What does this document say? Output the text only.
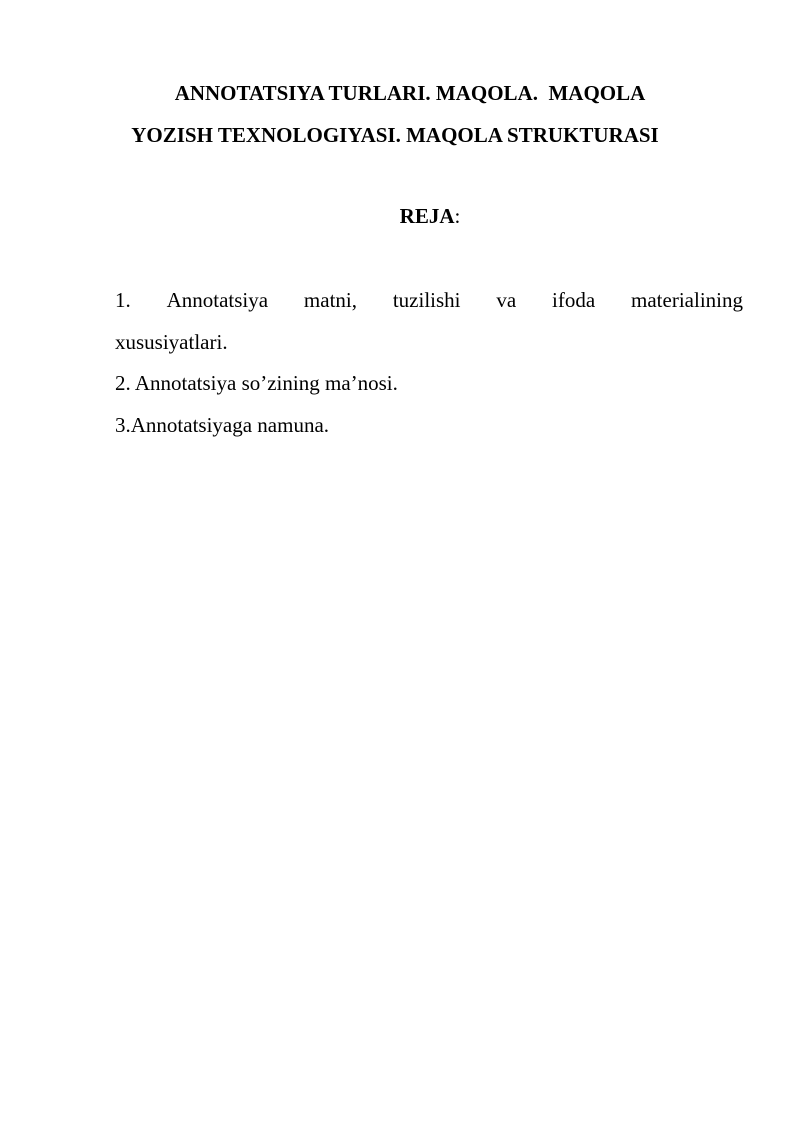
ANNOTATSIYA TURLARI. MAQOLA.  MAQOLA
YOZISH TEXNOLOGIYASI. MAQOLA STRUKTURASI

REJA:

1. Annotatsiya matni, tuzilishi va ifoda materialining
xususiyatlari.
2. Annotatsiya so’zining ma’nosi.
3.Annotatsiyaga namuna.
